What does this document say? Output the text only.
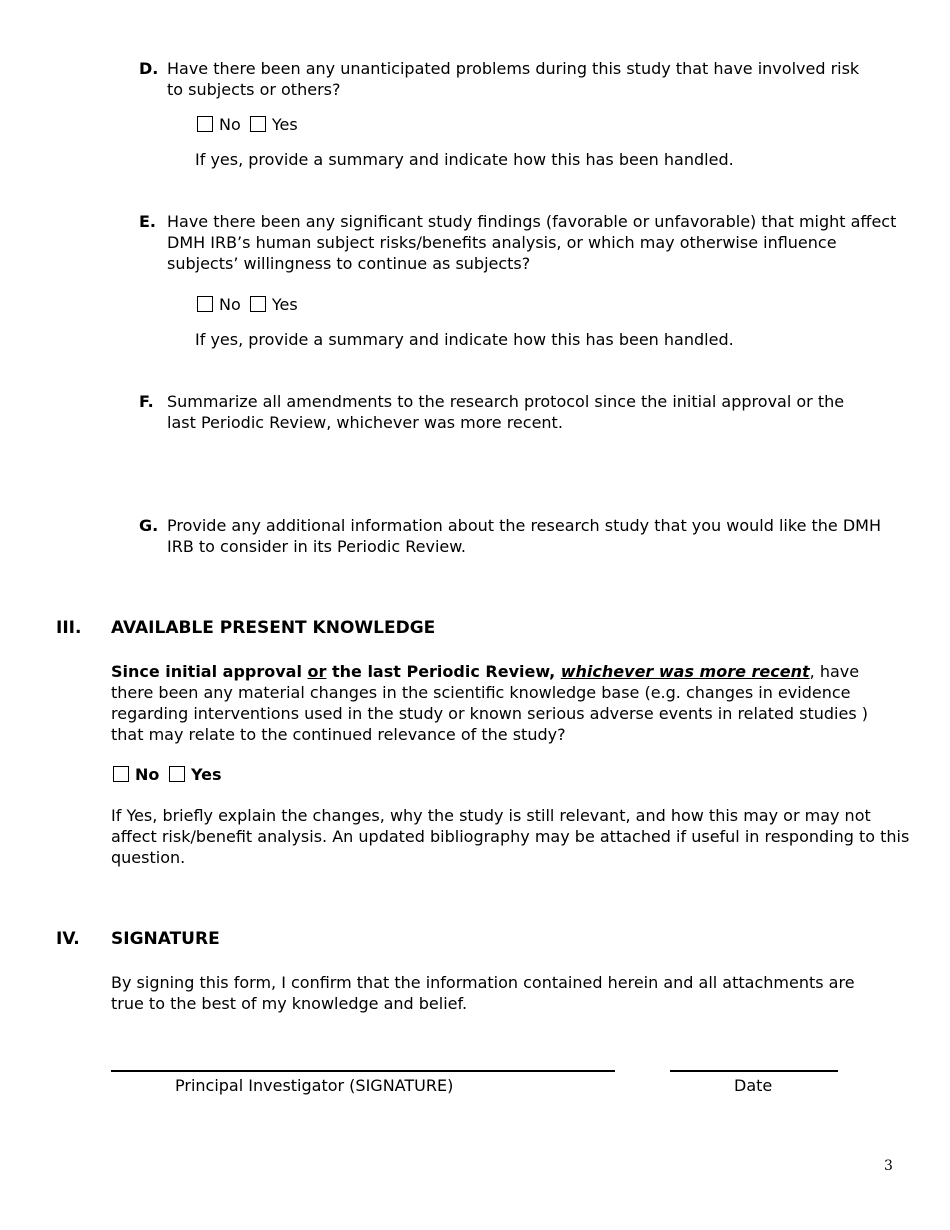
D. Have there been any unanticipated problems during this study that have involved risk to subjects or others?
No Yes
If yes, provide a summary and indicate how this has been handled.
E. Have there been any significant study findings (favorable or unfavorable) that might affect DMH IRB’s human subject risks/benefits analysis, or which may otherwise influence subjects’ willingness to continue as subjects?
No Yes
If yes, provide a summary and indicate how this has been handled.
F. Summarize all amendments to the research protocol since the initial approval or the last Periodic Review, whichever was more recent.
G. Provide any additional information about the research study that you would like the DMH IRB to consider in its Periodic Review.
III. AVAILABLE PRESENT KNOWLEDGE
Since initial approval or the last Periodic Review, whichever was more recent, have there been any material changes in the scientific knowledge base (e.g. changes in evidence regarding interventions used in the study or known serious adverse events in related studies ) that may relate to the continued relevance of the study?
No Yes
If Yes, briefly explain the changes, why the study is still relevant, and how this may or may not affect risk/benefit analysis. An updated bibliography may be attached if useful in responding to this question.
IV. SIGNATURE
By signing this form, I confirm that the information contained herein and all attachments are true to the best of my knowledge and belief.
Principal Investigator (SIGNATURE)	Date
3
